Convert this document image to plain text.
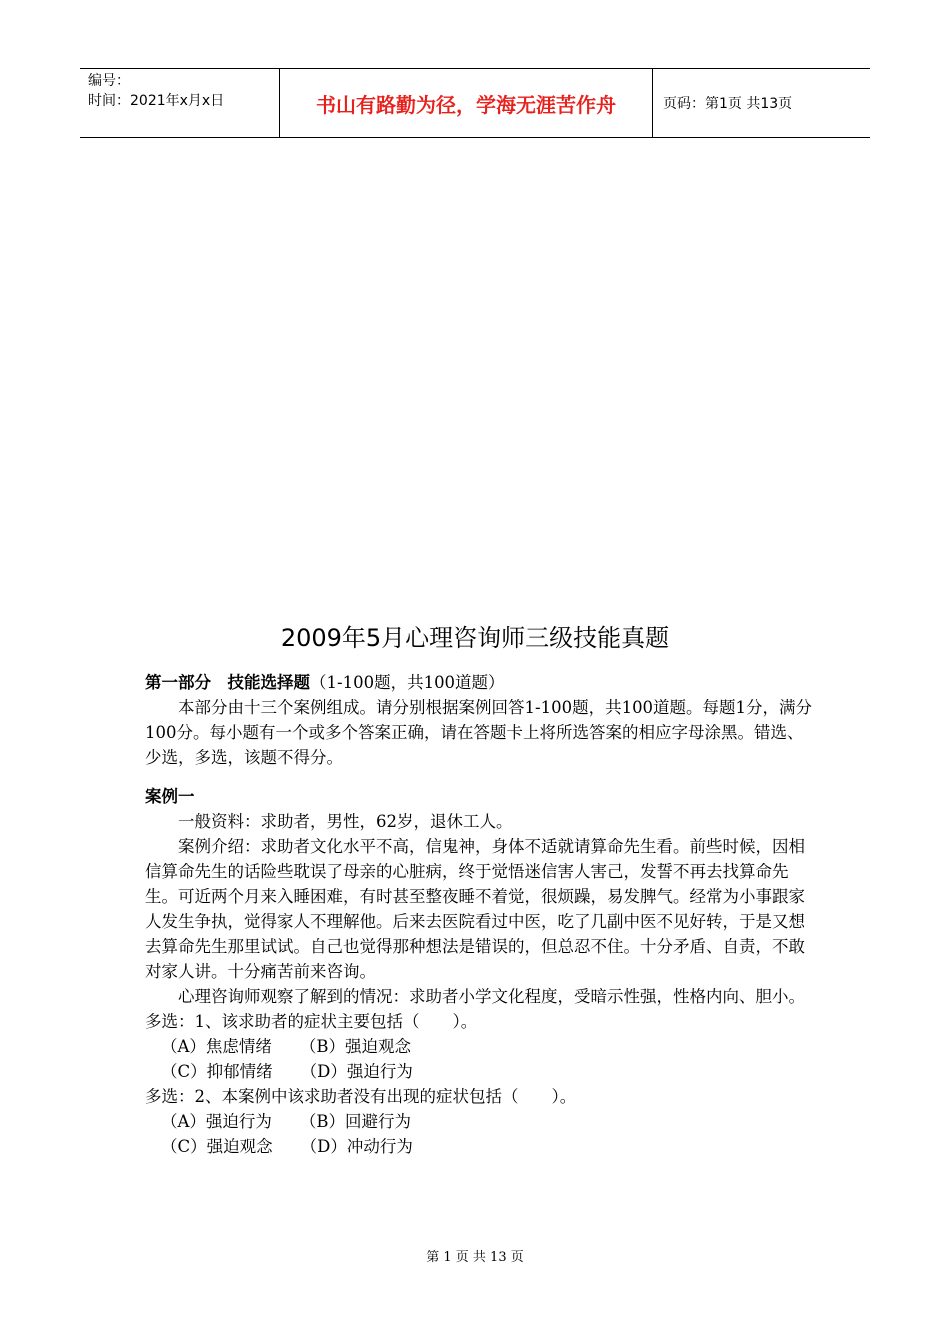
编号：
时间：2021年x月x日	书山有路勤为径，学海无涯苦作舟	页码：第1页 共13页
2009年5月心理咨询师三级技能真题

第一部分　技能选择题（1-100题，共100道题）

本部分由十三个案例组成。请分别根据案例回答1-100题，共100道题。每题1分，满分100分。每小题有一个或多个答案正确，请在答题卡上将所选答案的相应字母涂黑。错选、少选，多选，该题不得分。

案例一

一般资料：求助者，男性，62岁，退休工人。

案例介绍：求助者文化水平不高，信鬼神，身体不适就请算命先生看。前些时候，因相信算命先生的话险些耽误了母亲的心脏病，终于觉悟迷信害人害己，发誓不再去找算命先生。可近两个月来入睡困难，有时甚至整夜睡不着觉，很烦躁，易发脾气。经常为小事跟家人发生争执，觉得家人不理解他。后来去医院看过中医，吃了几副中医不见好转，于是又想去算命先生那里试试。自己也觉得那种想法是错误的，但总忍不住。十分矛盾、自责，不敢对家人讲。十分痛苦前来咨询。

心理咨询师观察了解到的情况：求助者小学文化程度，受暗示性强，性格内向、胆小。

多选：1、该求助者的症状主要包括（　　）。

（A）焦虑情绪 （B）强迫观念

（C）抑郁情绪 （D）强迫行为

多选：2、本案例中该求助者没有出现的症状包括（　　）。

（A）强迫行为 （B）回避行为

（C）强迫观念 （D）冲动行为

第 1 页 共 13 页
